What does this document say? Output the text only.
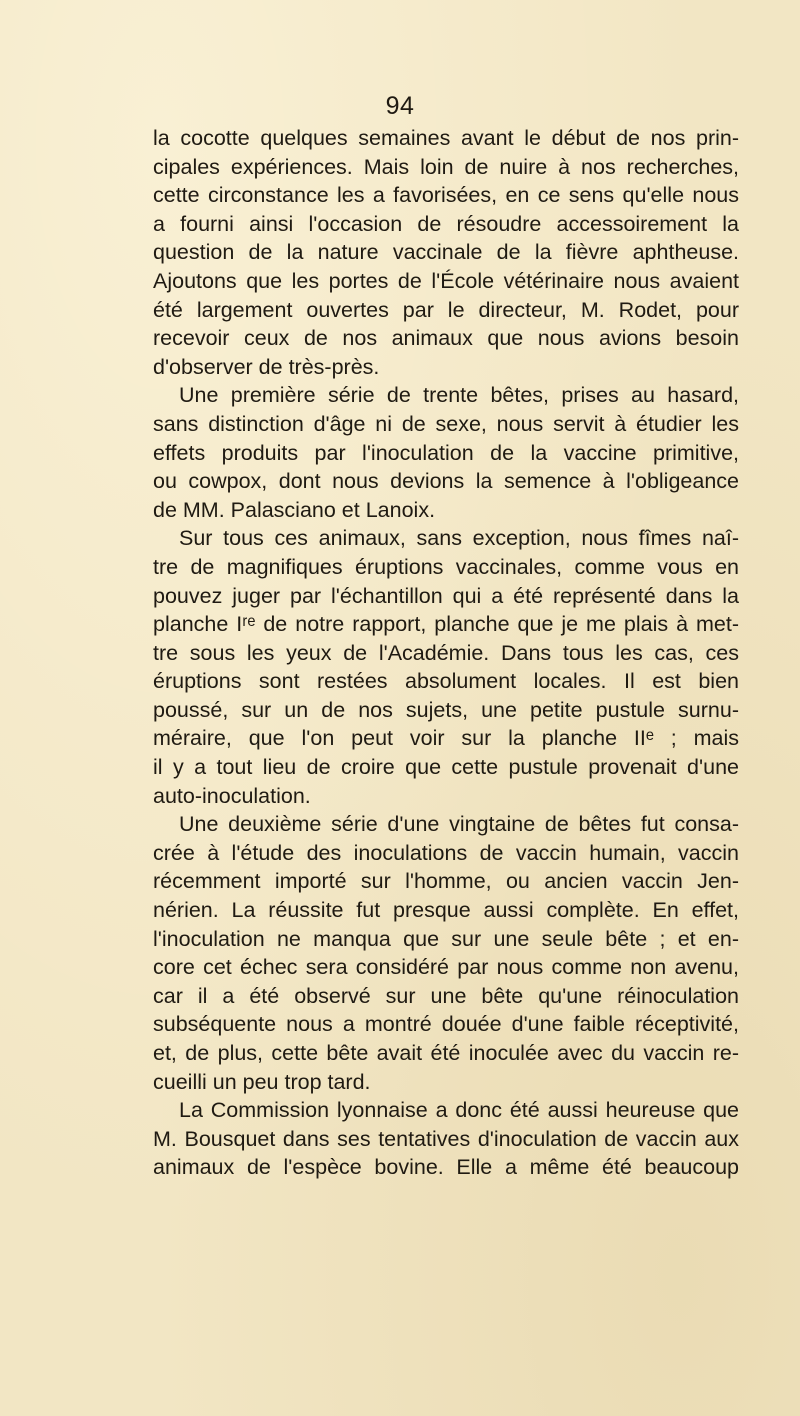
94
la cocotte quelques semaines avant le début de nos prin-
cipales expériences. Mais loin de nuire à nos recherches,
cette circonstance les a favorisées, en ce sens qu'elle nous
a fourni ainsi l'occasion de résoudre accessoirement la
question de la nature vaccinale de la fièvre aphtheuse.
Ajoutons que les portes de l'École vétérinaire nous avaient
été largement ouvertes par le directeur, M. Rodet, pour
recevoir ceux de nos animaux que nous avions besoin
d'observer de très-près.
Une première série de trente bêtes, prises au hasard,
sans distinction d'âge ni de sexe, nous servit à étudier les
effets produits par l'inoculation de la vaccine primitive,
ou cowpox, dont nous devions la semence à l'obligeance
de MM. Palasciano et Lanoix.
Sur tous ces animaux, sans exception, nous fîmes naî-
tre de magnifiques éruptions vaccinales, comme vous en
pouvez juger par l'échantillon qui a été représenté dans la
planche Iʳᵉ de notre rapport, planche que je me plais à met-
tre sous les yeux de l'Académie. Dans tous les cas, ces
éruptions sont restées absolument locales. Il est bien
poussé, sur un de nos sujets, une petite pustule surnu-
méraire, que l'on peut voir sur la planche IIᵉ ; mais
il y a tout lieu de croire que cette pustule provenait d'une
auto-inoculation.
Une deuxième série d'une vingtaine de bêtes fut consa-
crée à l'étude des inoculations de vaccin humain, vaccin
récemment importé sur l'homme, ou ancien vaccin Jen-
nérien. La réussite fut presque aussi complète. En effet,
l'inoculation ne manqua que sur une seule bête ; et en-
core cet échec sera considéré par nous comme non avenu,
car il a été observé sur une bête qu'une réinoculation
subséquente nous a montré douée d'une faible réceptivité,
et, de plus, cette bête avait été inoculée avec du vaccin re-
cueilli un peu trop tard.
La Commission lyonnaise a donc été aussi heureuse que
M. Bousquet dans ses tentatives d'inoculation de vaccin aux
animaux de l'espèce bovine. Elle a même été beaucoup
